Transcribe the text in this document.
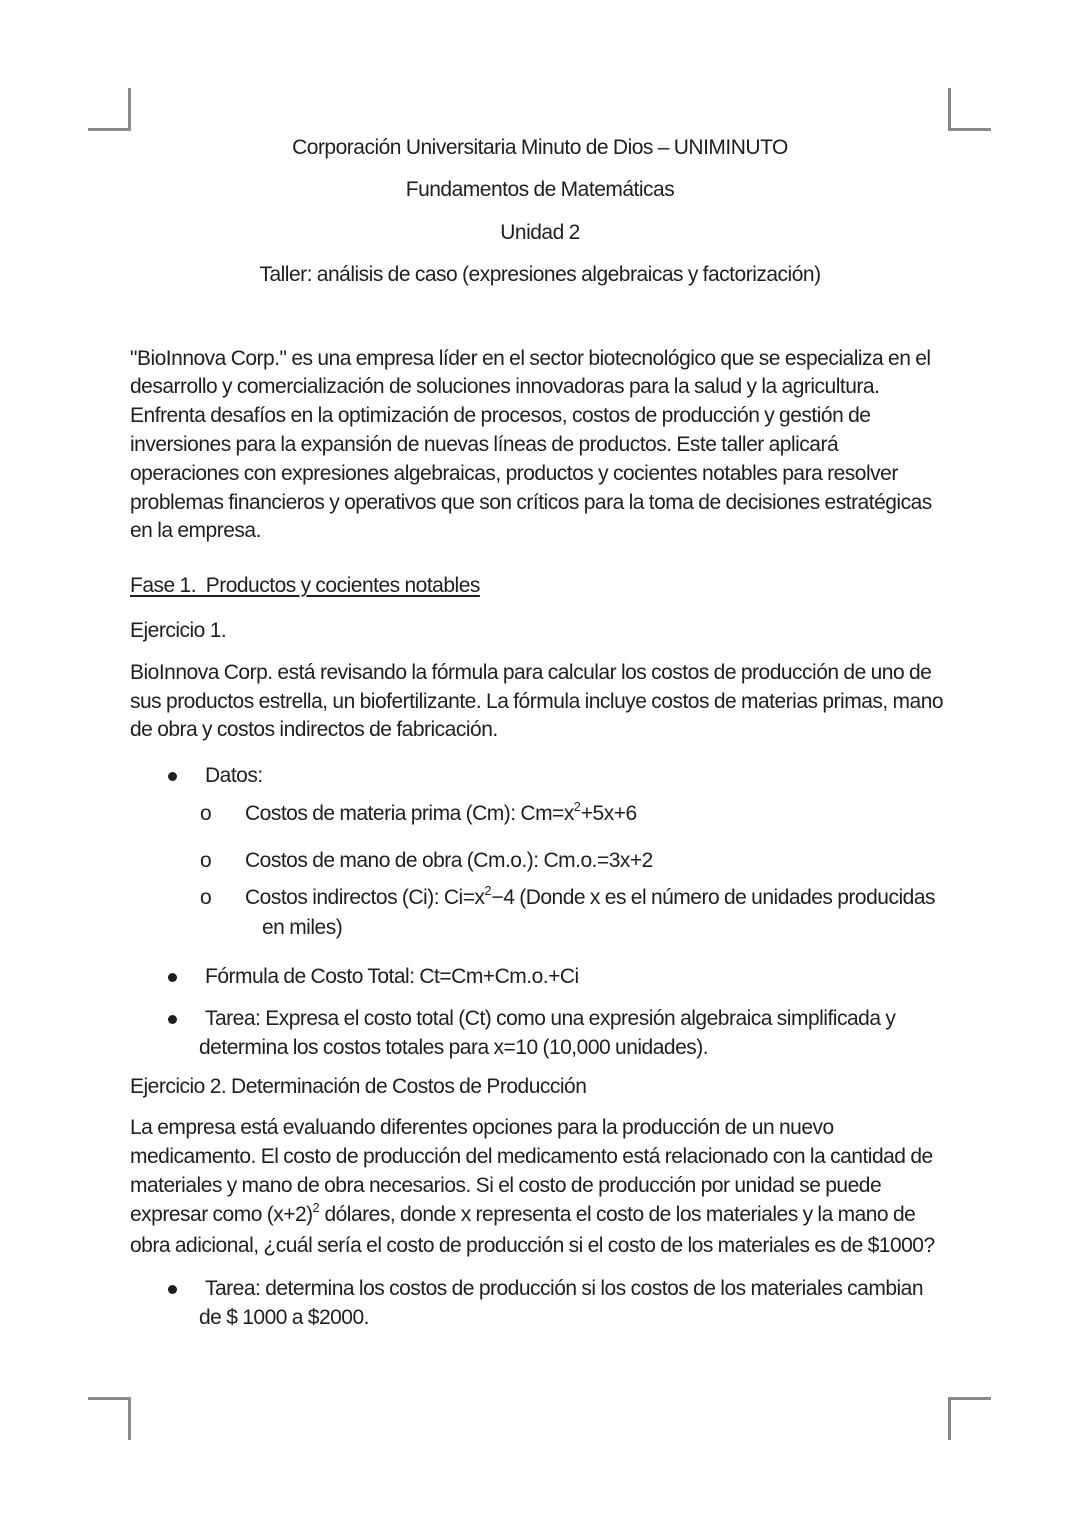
Corporación Universitaria Minuto de Dios – UNIMINUTO

Fundamentos de Matemáticas

Unidad 2

Taller: análisis de caso (expresiones algebraicas y factorización)

"BioInnova Corp." es una empresa líder en el sector biotecnológico que se especializa en el desarrollo y comercialización de soluciones innovadoras para la salud y la agricultura. Enfrenta desafíos en la optimización de procesos, costos de producción y gestión de inversiones para la expansión de nuevas líneas de productos. Este taller aplicará operaciones con expresiones algebraicas, productos y cocientes notables para resolver problemas financieros y operativos que son críticos para la toma de decisiones estratégicas en la empresa.

Fase 1.  Productos y cocientes notables

Ejercicio 1.

BioInnova Corp. está revisando la fórmula para calcular los costos de producción de uno de sus productos estrella, un biofertilizante. La fórmula incluye costos de materias primas, mano de obra y costos indirectos de fabricación.

Datos:
o	Costos de materia prima (Cm): $Cm=x^2+5x+6$
o	Costos de mano de obra (Cm.o.): Cm.o.=3x+2
o	Costos indirectos (Ci): $Ci=x^2-4$ (Donde x es el número de unidades producidas en miles)
Fórmula de Costo Total: Ct=Cm+Cm.o.+Ci
Tarea: Expresa el costo total (Ct) como una expresión algebraica simplificada y determina los costos totales para x=10 (10,000 unidades).

Ejercicio 2. Determinación de Costos de Producción

La empresa está evaluando diferentes opciones para la producción de un nuevo medicamento. El costo de producción del medicamento está relacionado con la cantidad de materiales y mano de obra necesarios. Si el costo de producción por unidad se puede expresar como $(x+2)^2$ dólares, donde x representa el costo de los materiales y la mano de obra adicional, ¿cuál sería el costo de producción si el costo de los materiales es de $1000?

Tarea: determina los costos de producción si los costos de los materiales cambian de $ 1000 a $2000.
